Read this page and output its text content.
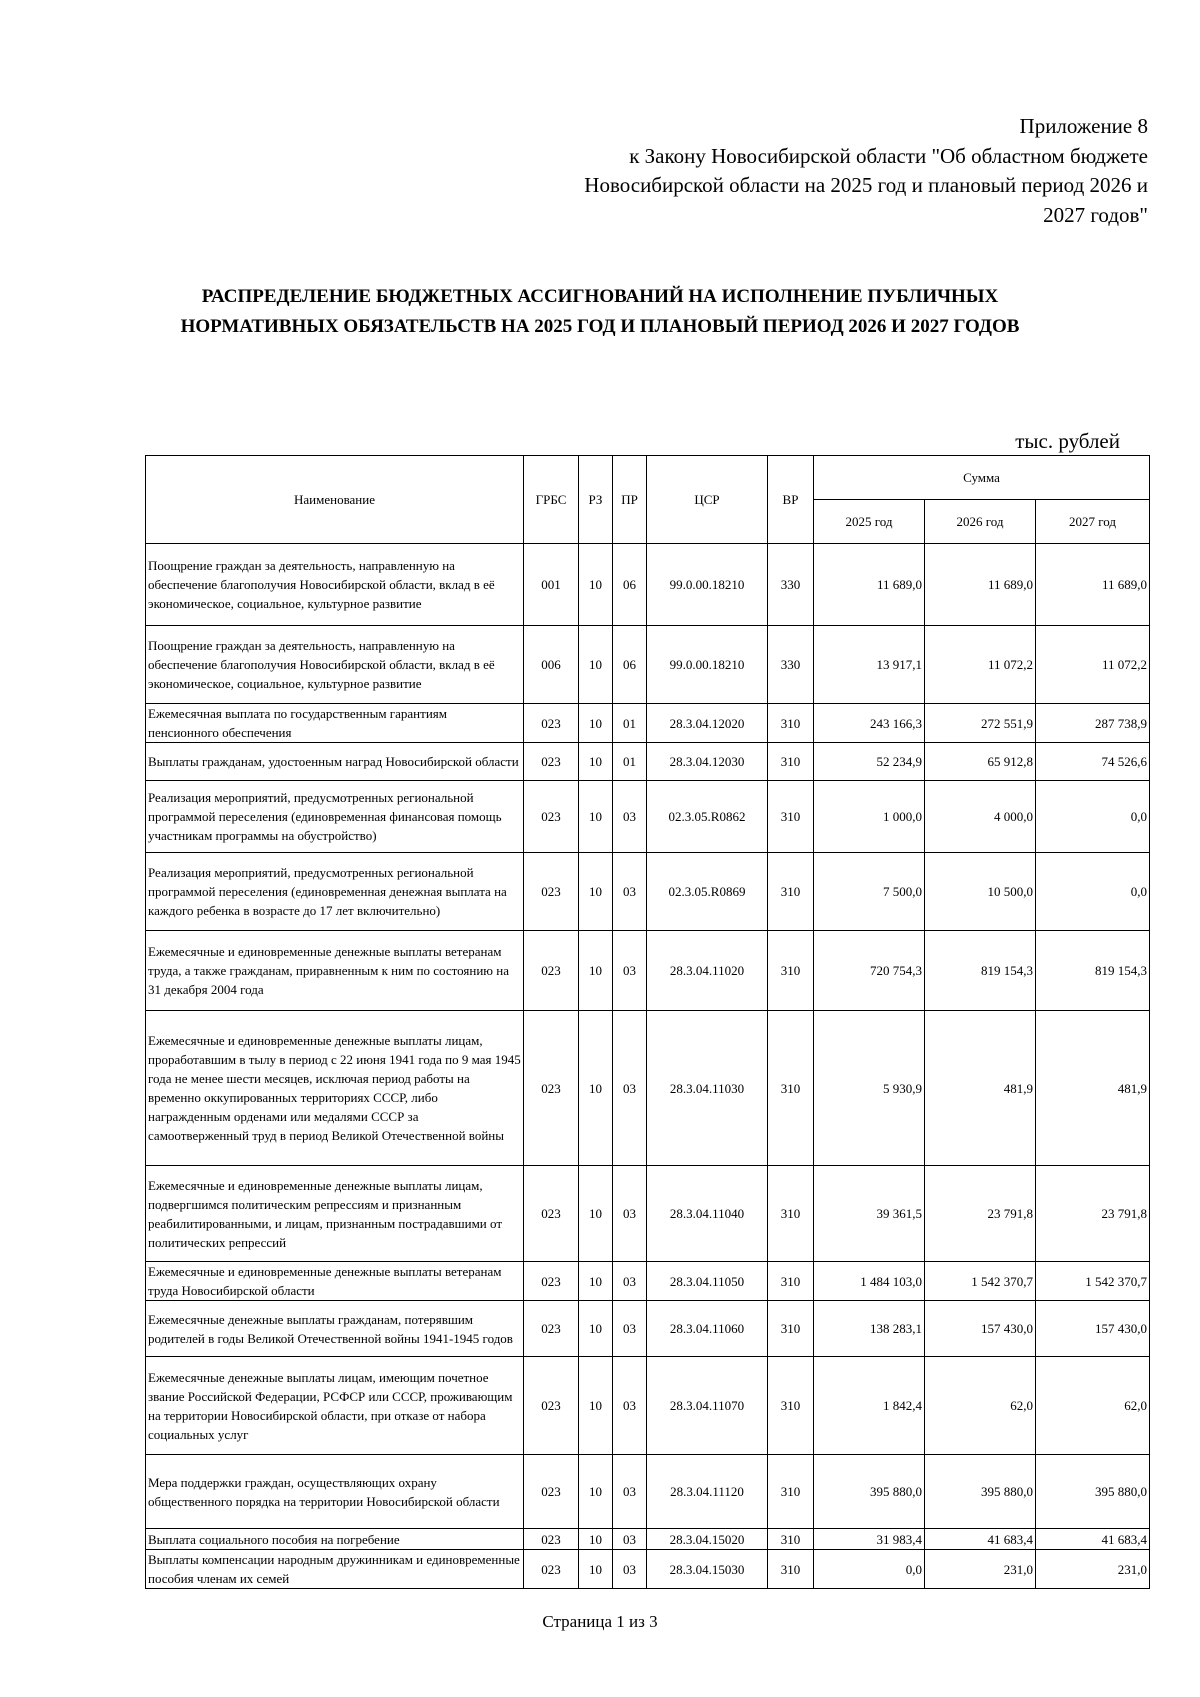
Приложение 8
к Закону Новосибирской области "Об областном бюджете
Новосибирской области на 2025 год и плановый период 2026 и
2027 годов"
РАСПРЕДЕЛЕНИЕ БЮДЖЕТНЫХ АССИГНОВАНИЙ НА ИСПОЛНЕНИЕ ПУБЛИЧНЫХ
НОРМАТИВНЫХ ОБЯЗАТЕЛЬСТВ НА 2025 ГОД И ПЛАНОВЫЙ ПЕРИОД 2026 И 2027 ГОДОВ
тыс. рублей
Наименование	ГРБС	РЗ	ПР	ЦСР	ВР	Сумма		
						2025 год	2026 год	2027 год
Поощрение граждан за деятельность, направленную на обеспечение благополучия Новосибирской области, вклад в её экономическое, социальное, культурное развитие	001	10	06	99.0.00.18210	330	11 689,0	11 689,0	11 689,0
Поощрение граждан за деятельность, направленную на обеспечение благополучия Новосибирской области, вклад в её экономическое, социальное, культурное развитие	006	10	06	99.0.00.18210	330	13 917,1	11 072,2	11 072,2
Ежемесячная выплата по государственным гарантиям пенсионного обеспечения	023	10	01	28.3.04.12020	310	243 166,3	272 551,9	287 738,9
Выплаты гражданам, удостоенным наград Новосибирской области	023	10	01	28.3.04.12030	310	52 234,9	65 912,8	74 526,6
Реализация мероприятий, предусмотренных региональной программой переселения (единовременная финансовая помощь участникам программы на обустройство)	023	10	03	02.3.05.R0862	310	1 000,0	4 000,0	0,0
Реализация мероприятий, предусмотренных региональной программой переселения (единовременная денежная выплата на каждого ребенка в возрасте до 17 лет включительно)	023	10	03	02.3.05.R0869	310	7 500,0	10 500,0	0,0
Ежемесячные и единовременные денежные выплаты ветеранам труда, а также гражданам, приравненным к ним по состоянию на 31 декабря 2004 года	023	10	03	28.3.04.11020	310	720 754,3	819 154,3	819 154,3
Ежемесячные и единовременные денежные выплаты лицам, проработавшим в тылу в период с 22 июня 1941 года по 9 мая 1945 года не менее шести месяцев, исключая период работы на временно оккупированных территориях СССР, либо награжденным орденами или медалями СССР за самоотверженный труд в период Великой Отечественной войны	023	10	03	28.3.04.11030	310	5 930,9	481,9	481,9
Ежемесячные и единовременные денежные выплаты лицам, подвергшимся политическим репрессиям и признанным реабилитированными, и лицам, признанным пострадавшими от политических репрессий	023	10	03	28.3.04.11040	310	39 361,5	23 791,8	23 791,8
Ежемесячные и единовременные денежные выплаты ветеранам труда Новосибирской области	023	10	03	28.3.04.11050	310	1 484 103,0	1 542 370,7	1 542 370,7
Ежемесячные денежные выплаты гражданам, потерявшим родителей в годы Великой Отечественной войны 1941-1945 годов	023	10	03	28.3.04.11060	310	138 283,1	157 430,0	157 430,0
Ежемесячные денежные выплаты лицам, имеющим почетное звание Российской Федерации, РСФСР или СССР, проживающим на территории Новосибирской области, при отказе от набора социальных услуг	023	10	03	28.3.04.11070	310	1 842,4	62,0	62,0
Мера поддержки граждан, осуществляющих охрану общественного порядка на территории Новосибирской области	023	10	03	28.3.04.11120	310	395 880,0	395 880,0	395 880,0
Выплата социального пособия на погребение	023	10	03	28.3.04.15020	310	31 983,4	41 683,4	41 683,4
Выплаты компенсации народным дружинникам и единовременные пособия членам их семей	023	10	03	28.3.04.15030	310	0,0	231,0	231,0
Страница 1 из 3
